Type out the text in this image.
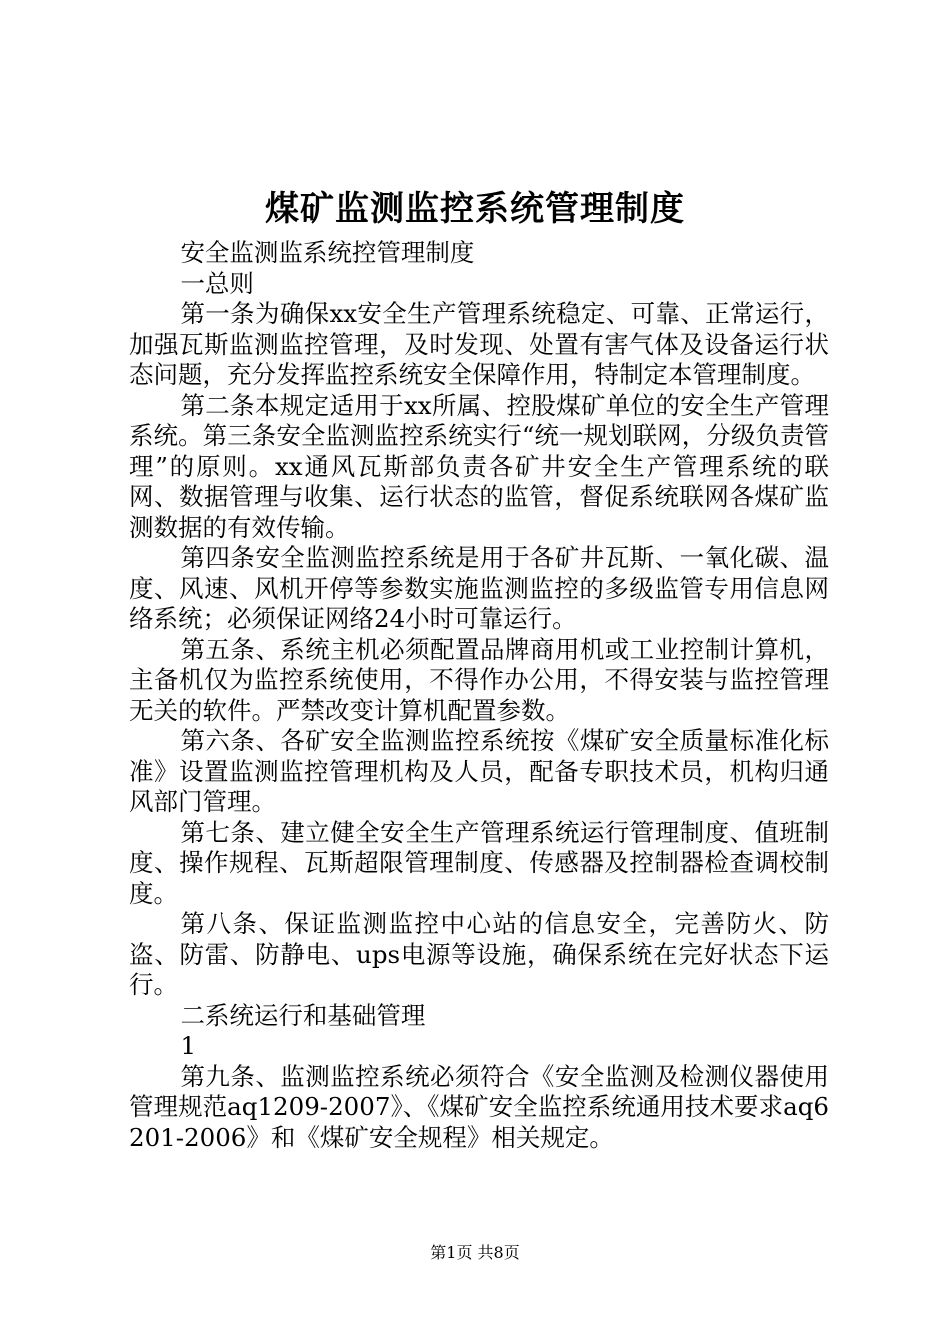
煤矿监测监控系统管理制度

安全监测监系统控管理制度

一总则

第一条为确保xx安全生产管理系统稳定、可靠、正常运行，加强瓦斯监测监控管理，及时发现、处置有害气体及设备运行状态问题，充分发挥监控系统安全保障作用，特制定本管理制度。

第二条本规定适用于xx所属、控股煤矿单位的安全生产管理系统。第三条安全监测监控系统实行“统一规划联网，分级负责管理”的原则。xx通风瓦斯部负责各矿井安全生产管理系统的联网、数据管理与收集、运行状态的监管，督促系统联网各煤矿监测数据的有效传输。

第四条安全监测监控系统是用于各矿井瓦斯、一氧化碳、温度、风速、风机开停等参数实施监测监控的多级监管专用信息网络系统；必须保证网络24小时可靠运行。

第五条、系统主机必须配置品牌商用机或工业控制计算机，主备机仅为监控系统使用，不得作办公用，不得安装与监控管理无关的软件。严禁改变计算机配置参数。

第六条、各矿安全监测监控系统按《煤矿安全质量标准化标准》设置监测监控管理机构及人员，配备专职技术员，机构归通风部门管理。

第七条、建立健全安全生产管理系统运行管理制度、值班制度、操作规程、瓦斯超限管理制度、传感器及控制器检查调校制度。

第八条、保证监测监控中心站的信息安全，完善防火、防盗、防雷、防静电、ups电源等设施，确保系统在完好状态下运行。

二系统运行和基础管理

1

第九条、监测监控系统必须符合《安全监测及检测仪器使用管理规范aq1209-2007》、《煤矿安全监控系统通用技术要求aq6201-2006》和《煤矿安全规程》相关规定。

第1页 共8页
